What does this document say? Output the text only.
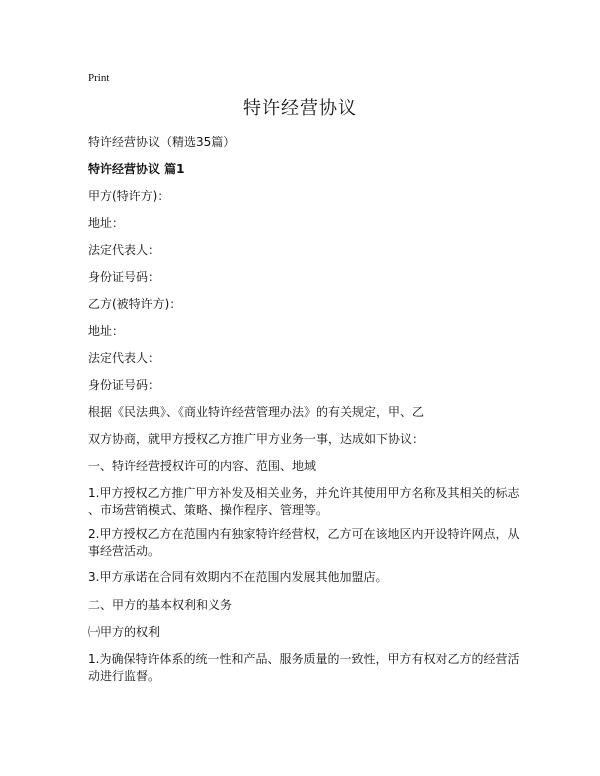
Print
特许经营协议
特许经营协议（精选35篇）
特许经营协议 篇1
甲方(特许方)：
地址：
法定代表人：
身份证号码：
乙方(被特许方)：
地址：
法定代表人：
身份证号码：
根据《民法典》、《商业特许经营管理办法》的有关规定，甲、乙
双方协商，就甲方授权乙方推广甲方业务一事，达成如下协议：
一、特许经营授权许可的内容、范围、地域
1.甲方授权乙方推广甲方补发及相关业务，并允许其使用甲方名称及其相关的标志
、市场营销模式、策略、操作程序、管理等。
2.甲方授权乙方在范围内有独家特许经营权，乙方可在该地区内开设特许网点，从
事经营活动。
3.甲方承诺在合同有效期内不在范围内发展其他加盟店。
二、甲方的基本权利和义务
㈠甲方的权利
1.为确保特许体系的统一性和产品、服务质量的一致性，甲方有权对乙方的经营活
动进行监督。
